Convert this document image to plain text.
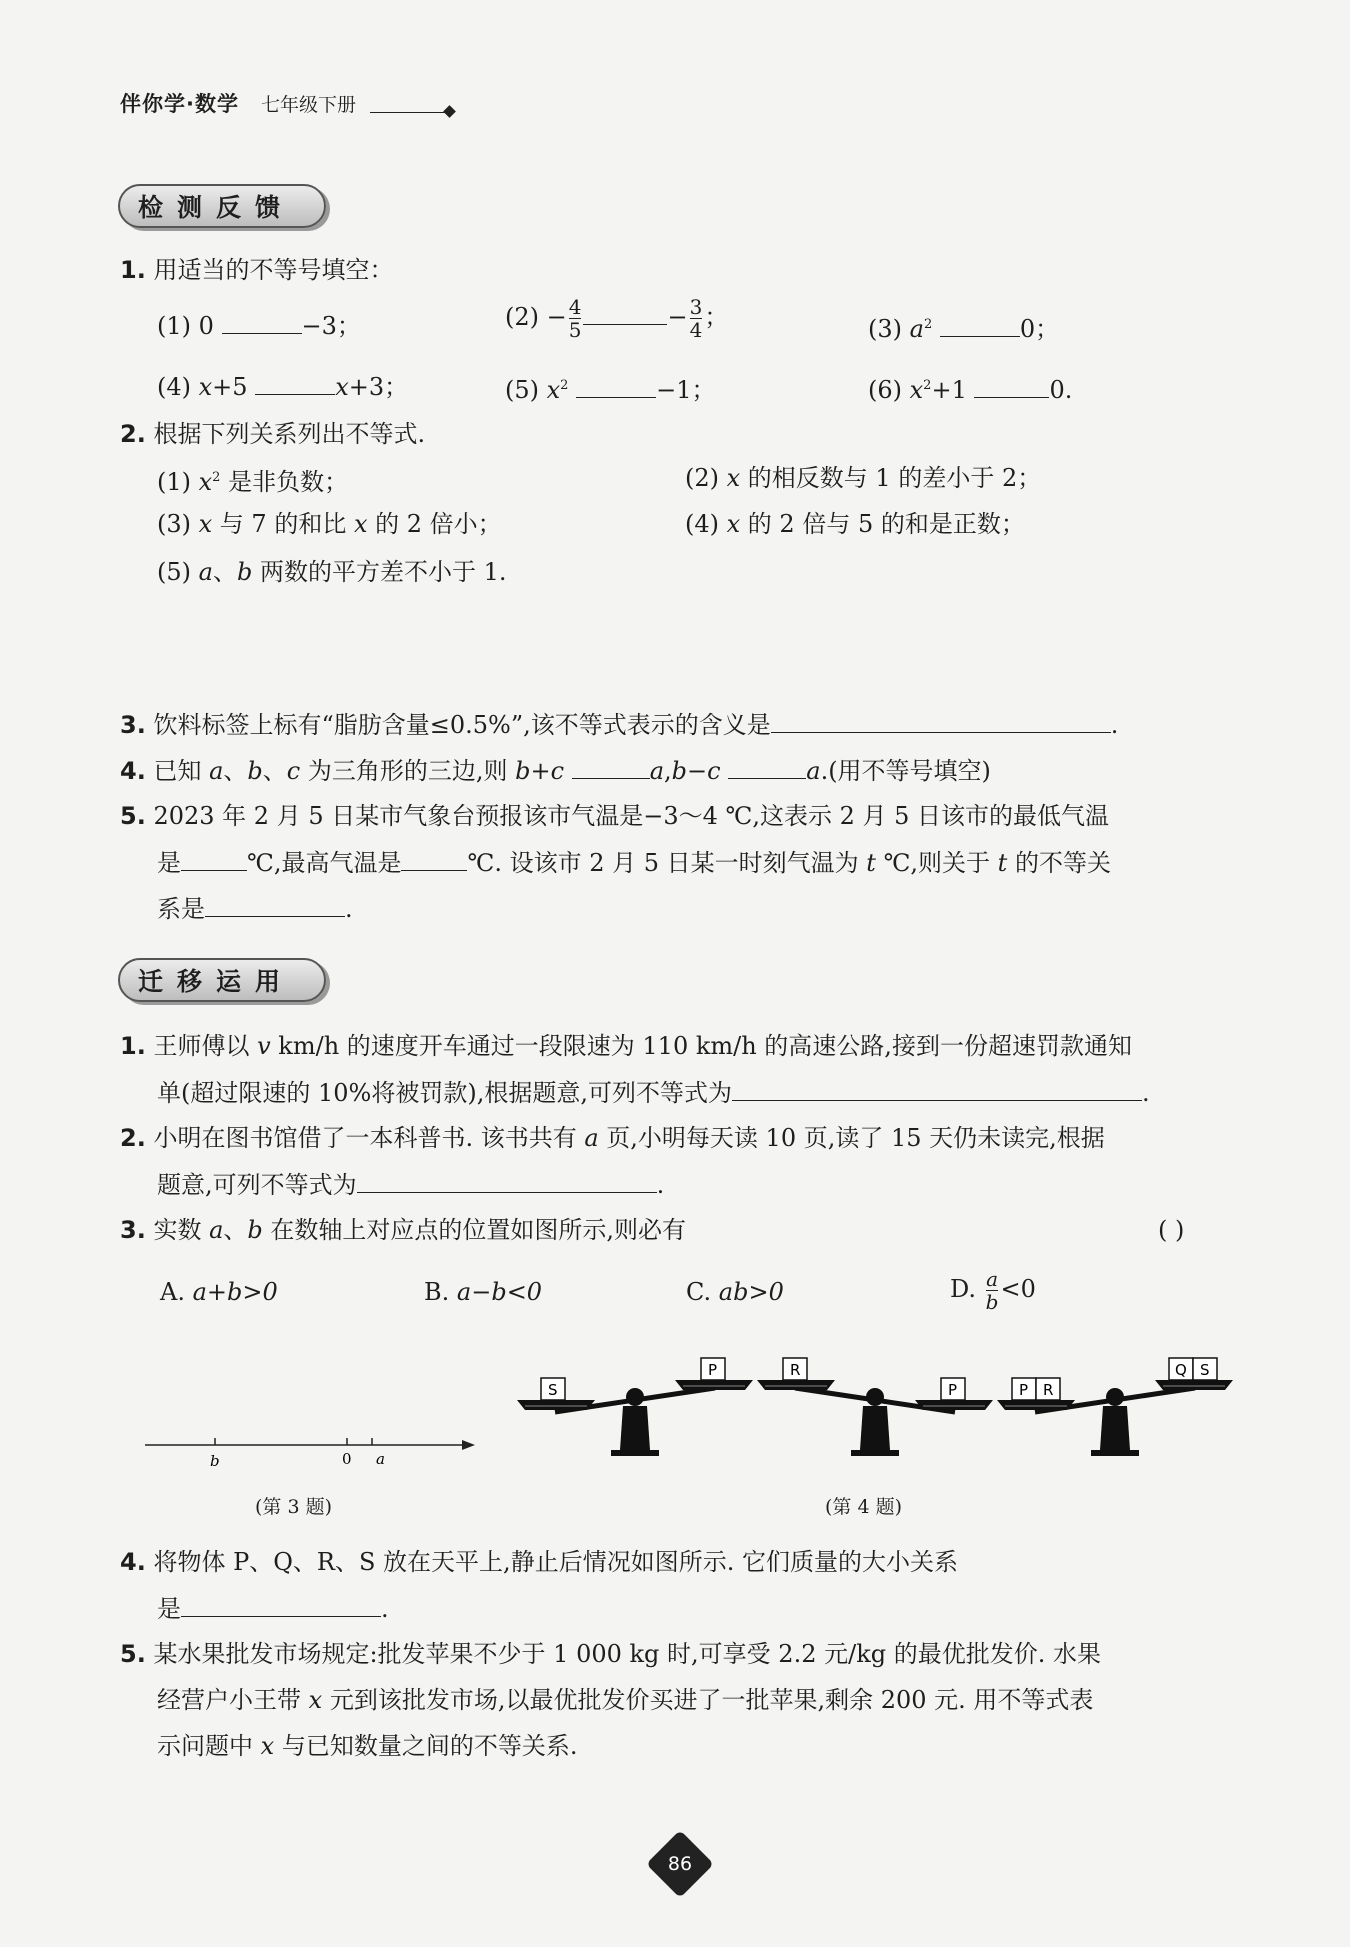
伴你学·数学 七年级下册
检测反馈
1. 用适当的不等号填空：
(1) 0	−3；	$(2) - \frac{4}{5}$	− $\frac{3}{4}$ ；	(3) $a^2$	0；
(4) x+5	x+3；	(5) $x^2$	−1；	(6) $x^2+1$	0.
2. 根据下列关系列出不等式.
(1) $x^2$ 是非负数；	(2) x 的相反数与 1 的差小于 2；
(3) x 与 7 的和比 x 的 2 倍小；	(4) x 的 2 倍与 5 的和是正数；
(5) a、b 两数的平方差不小于 1.
3. 饮料标签上标有“脂肪含量≤0.5%”,该不等式表示的含义是	.
4. 已知 a、b、c 为三角形的三边,则 b+c	a,b−c	a.(用不等号填空)
5. 2023 年 2 月 5 日某市气象台预报该市气温是−3～4 ℃,这表示 2 月 5 日该市的最低气温
是	℃,最高气温是	℃. 设该市 2 月 5 日某一时刻气温为 t ℃,则关于 t 的不等关
系是	.
迁移运用
1. 王师傅以 v km/h 的速度开车通过一段限速为 110 km/h 的高速公路,接到一份超速罚款通知
单(超过限速的 10%将被罚款),根据题意,可列不等式为	.
2. 小明在图书馆借了一本科普书. 该书共有 a 页,小明每天读 10 页,读了 15 天仍未读完,根据
题意,可列不等式为	.
3. 实数 a、b 在数轴上对应点的位置如图所示,则必有	( )
A. a+b>0	B. a−b<0	C. ab>0	D. $\frac{a}{b} <0$
b	0 a
(第 3 题)
S
P	R
P	P R
Q S
(第 4 题)
4. 将物体 P、Q、R、S 放在天平上,静止后情况如图所示. 它们质量的大小关系
是	.
5. 某水果批发市场规定:批发苹果不少于 1 000 kg 时,可享受 2.2 元/kg 的最优批发价. 水果
经营户小王带 x 元到该批发市场,以最优批发价买进了一批苹果,剩余 200 元. 用不等式表
示问题中 x 与已知数量之间的不等关系.
86
